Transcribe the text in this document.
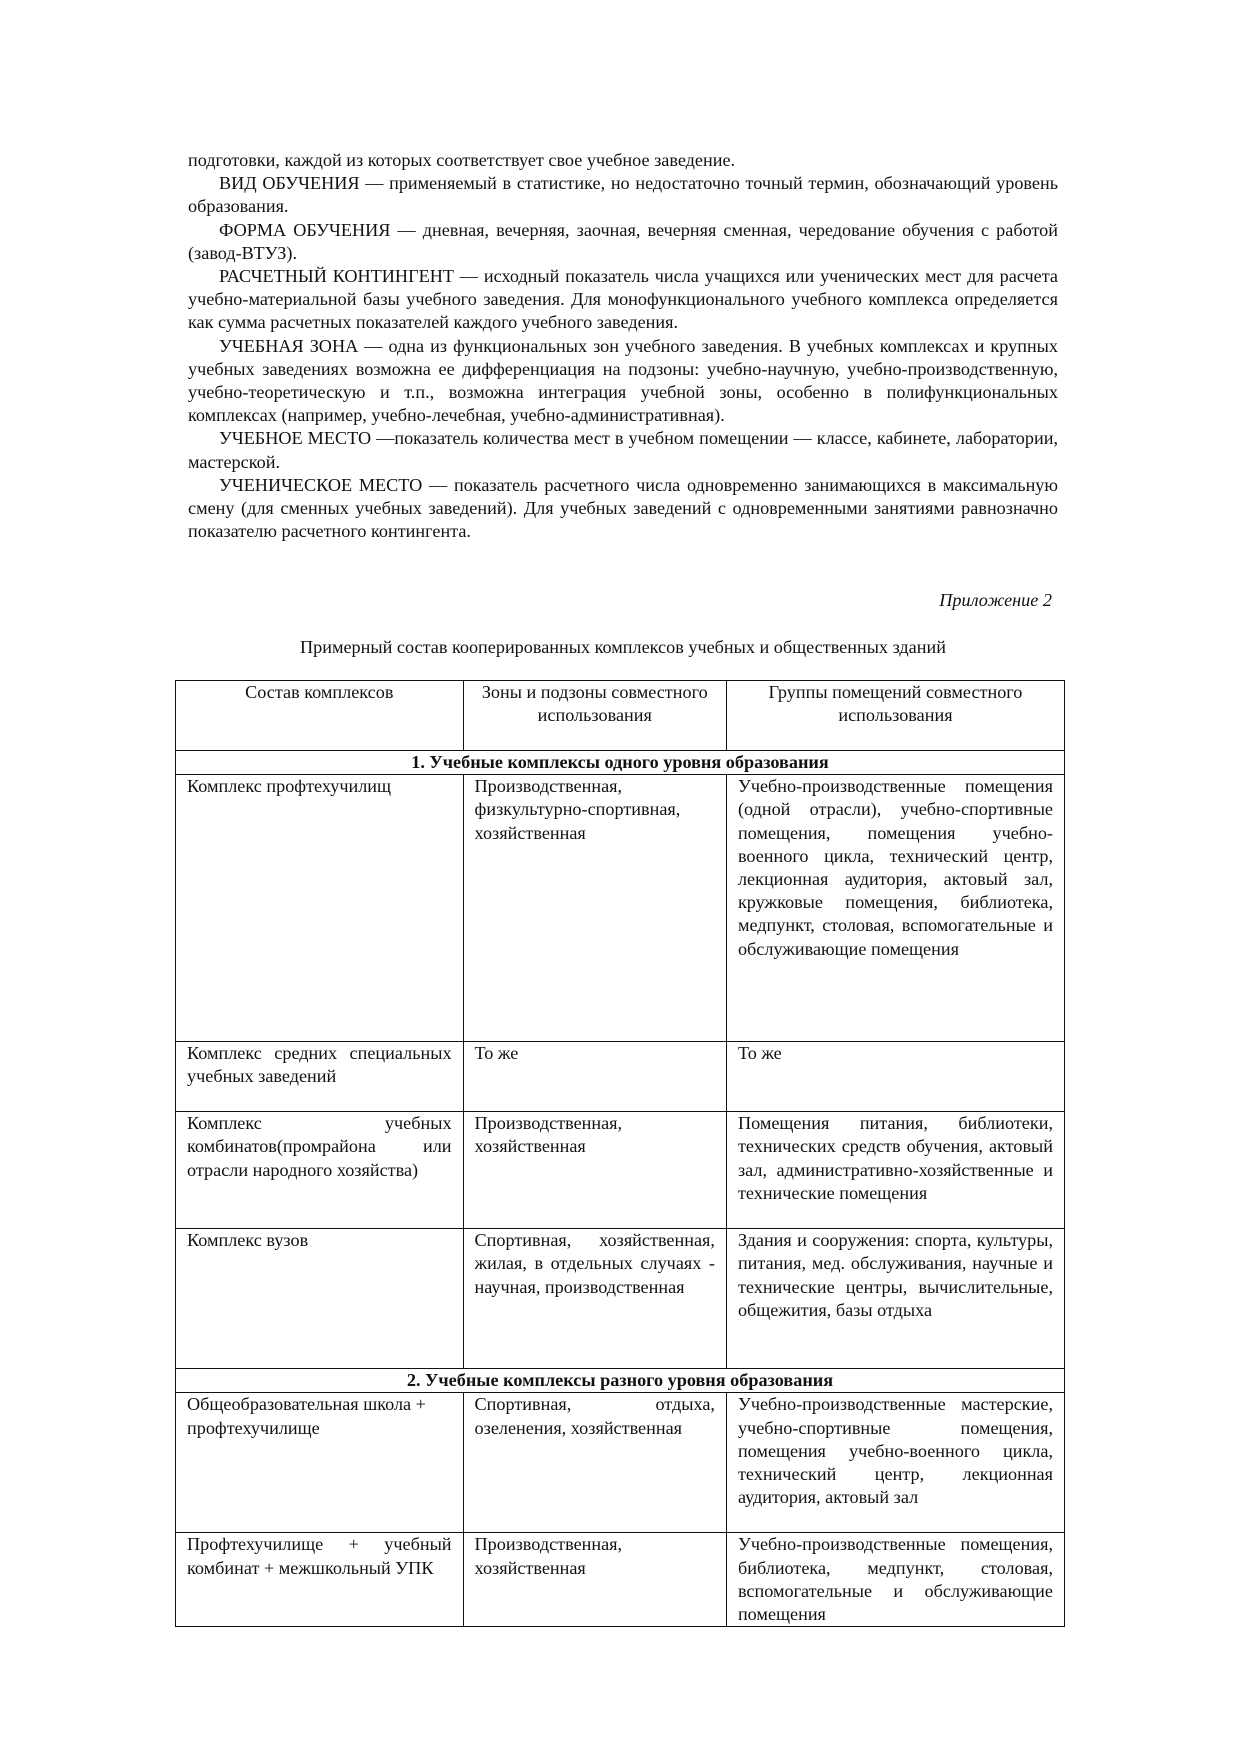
подготовки, каждой из которых соответствует свое учебное заведение.

ВИД ОБУЧЕНИЯ — применяемый в статистике, но недостаточно точный термин, обозначающий уровень образования.

ФОРМА ОБУЧЕНИЯ — дневная, вечерняя, заочная, вечерняя сменная, чередование обучения с работой (завод-ВТУЗ).

РАСЧЕТНЫЙ КОНТИНГЕНТ — исходный показатель числа учащихся или ученических мест для расчета учебно-материальной базы учебного заведения. Для монофункционального учебного комплекса определяется как сумма расчетных показателей каждого учебного заведения.

УЧЕБНАЯ ЗОНА — одна из функциональных зон учебного заведения. В учебных комплексах и крупных учебных заведениях возможна ее дифференциация на подзоны: учебно-научную, учебно-производственную, учебно-теоретическую и т.п., возможна интеграция учебной зоны, особенно в полифункциональных комплексах (например, учебно-лечебная, учебно-административная).

УЧЕБНОЕ МЕСТО —показатель количества мест в учебном помещении — классе, кабинете, лаборатории, мастерской.

УЧЕНИЧЕСКОЕ МЕСТО — показатель расчетного числа одновременно занимающихся в максимальную смену (для сменных учебных заведений). Для учебных заведений с одновременными занятиями равнозначно показателю расчетного контингента.

Приложение 2
Примерный состав кооперированных комплексов учебных и общественных зданий
Состав комплексов	Зоны и подзоны совместного использования	Группы помещений совместного использования
1. Учебные комплексы одного уровня образования		
Комплекс профтехучилищ	Производственная, физкультурно-спортивная, хозяйственная	Учебно-производственные помещения (одной отрасли), учебно-спортивные помещения, помещения учебно-военного цикла, технический центр, лекционная аудитория, актовый зал, кружковые помещения, библиотека, медпункт, столовая, вспомогательные и обслуживающие помещения
Комплекс средних специальных учебных заведений	То же	То же
Комплекс учебных комбинатов(промрайона или отрасли народного хозяйства)	Производственная, хозяйственная	Помещения питания, библиотеки, технических средств обучения, актовый зал, административно-хозяйственные и технические помещения
Комплекс вузов	Спортивная, хозяйственная, жилая, в отдельных случаях - научная, производственная	Здания и сооружения: спорта, культуры, питания, мед. обслуживания, научные и технические центры, вычислительные, общежития, базы отдыха
2. Учебные комплексы разного уровня образования		
Общеобразовательная школа + профтехучилище	Спортивная, отдыха, озеленения, хозяйственная	Учебно-производственные мастерские, учебно-спортивные помещения, помещения учебно-военного цикла, технический центр, лекционная аудитория, актовый зал
Профтехучилище + учебный комбинат + межшкольный УПК	Производственная, хозяйственная	Учебно-производственные помещения, библиотека, медпункт, столовая, вспомогательные и обслуживающие помещения
